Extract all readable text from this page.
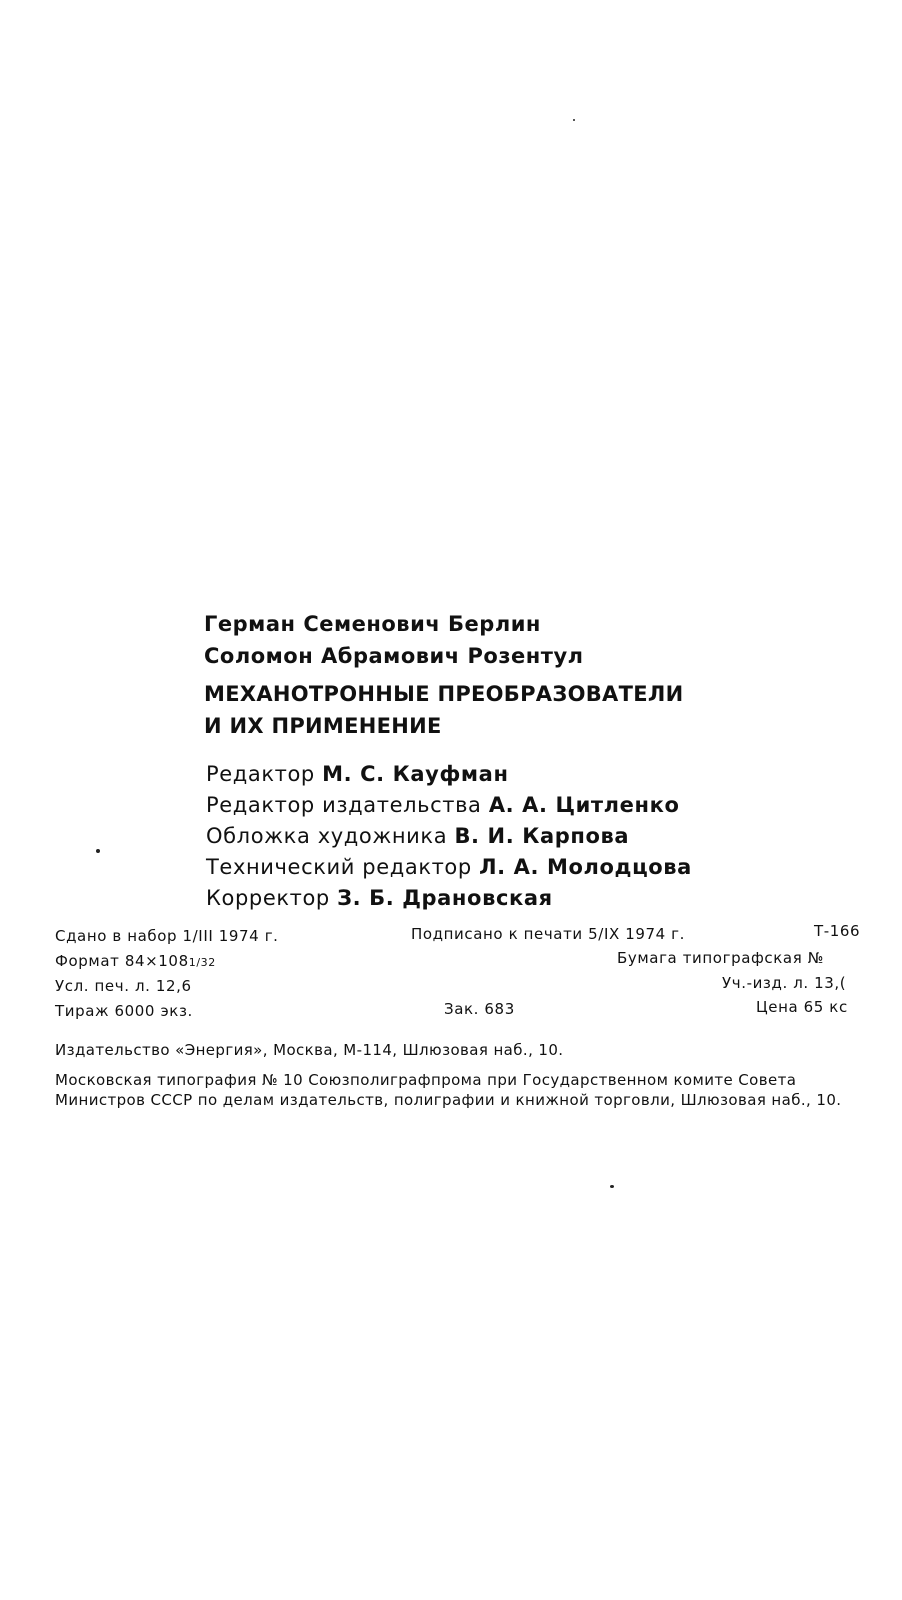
Герман Семенович Берлин
Соломон Абрамович Розентул
МЕХАНОТРОННЫЕ ПРЕОБРАЗОВАТЕЛИ
И ИХ ПРИМЕНЕНИЕ
Редактор М. С. Кауфман
Редактор издательства А. А. Цитленко
Обложка художника В. И. Карпова
Технический редактор Л. А. Молодцова
Корректор З. Б. Драновская
Сдано в набор 1/III 1974 г.	Подписано к печати 5/IX 1974 г.	Т-166
Формат 84×1081/32	Бумага типографская №
Усл. печ. л. 12,6	Уч.-изд. л. 13,(
Тираж 6000 экз.	Зак. 683	Цена 65 кс
Издательство «Энергия», Москва, М-114, Шлюзовая наб., 10.
Московская типография № 10 Союзполиграфпрома при Государственном комите Совета Министров СССР по делам издательств, полиграфии и книжной торговли, Шлюзовая наб., 10.
